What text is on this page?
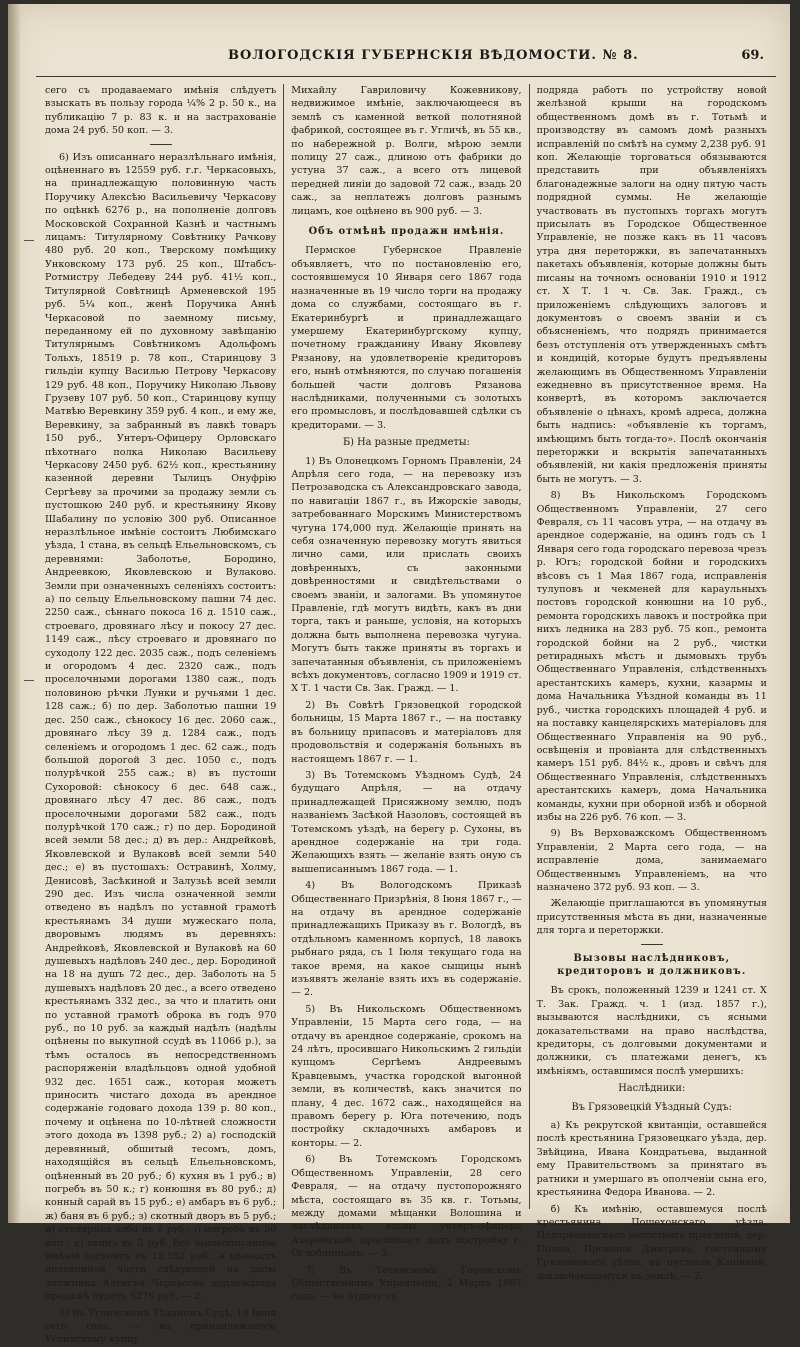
ВОЛОГОДСКІЯ ГУБЕРНСКІЯ ВѢДОМОСТИ. № 8.	69.

сего съ продаваемаго имѣнія слѣдуетъ взыскать въ пользу города ¼% 2 р. 50 к., на публикацію 7 р. 83 к. и на застрахованіе дома 24 руб. 50 коп. — 3.

6) Изъ описаннаго неразлѣльнаго имѣнія, оцѣненнаго въ 12559 руб. г.г. Черкасовыхъ, на принадлежащую половинную часть Поручику Алексѣю Васильевичу Черкасову по оцѣнкѣ 6276 р., на пополненіе долговъ Московской Сохранной Казнѣ и частнымъ лицамъ: Титулярному Совѣтнику Рачкову 480 руб. 20 коп., Тверскому помѣщику Унковскому 173 руб. 25 коп., Штабсъ-Ротмистру Лебедеву 244 руб. 41½ коп., Титулярной Совѣтницѣ Арменевской 195 руб. 5¼ коп., женѣ Поручика Аннѣ Черкасовой по заемному письму, переданному ей по духовному завѣщанію Титулярнымъ Совѣтникомъ Адольфомъ Тольхъ, 18519 р. 78 коп., Старинцову 3 гильдіи купцу Василью Петрову Черкасову 129 руб. 48 коп., Поручику Николаю Львову Грузеву 107 руб. 50 коп., Старинцову купцу Матвѣю Веревкину 359 руб. 4 коп., и ему же, Веревкину, за забранный въ лавкѣ товаръ 150 руб., Унтеръ-Офицеру Орловскаго пѣхотнаго полка Николаю Васильеву Черкасову 2450 руб. 62½ коп., крестьянину казенной деревни Тылицъ Онуфрію Сергѣеву за прочими за продажу земли съ пустошкою 240 руб. и крестьянину Якову Шабалину по условію 300 руб. Описанное неразлѣльное имѣніе состоитъ Любимскаго уѣзда, 1 стана, въ сельцѣ Ельельновскомъ, съ деревнями: Заболотье, Бородино, Андреевкою, Яковлевскою и Вулаково. Земли при означенныхъ селеніяхъ состоитъ: а) по сельцу Ельельновскому пашни 74 дес. 2250 саж., сѣннаго покоса 16 д. 1510 саж., строеваго, дровянаго лѣсу и покосу 27 дес. 1149 саж., лѣсу строеваго и дровянаго по суходолу 122 дес. 2035 саж., подъ селеніемъ и огородомъ 4 дес. 2320 саж., подъ проселочными дорогами 1380 саж., подъ половиною рѣчки Лунки и ручьями 1 дес. 128 саж.; б) по дер. Заболотью пашни 19 дес. 250 саж., сѣнокосу 16 дес. 2060 саж., дровянаго лѣсу 39 д. 1284 саж., подъ селеніемъ и огородомъ 1 дес. 62 саж., подъ большой дорогой 3 дес. 1050 с., подъ полурѣчкой 255 саж.; в) въ пустоши Сухоровой: сѣнокосу 6 дес. 648 саж., дровянаго лѣсу 47 дес. 86 саж., подъ проселочными дорогами 582 саж., подъ полурѣчкой 170 саж.; г) по дер. Бородиной всей земли 58 дес.; д) въ дер.: Андрейковѣ, Яковлевской и Вулаковѣ всей земли 540 дес.; е) въ пустошахъ: Остравинѣ, Холму, Денисовѣ, Засѣкиной и Залузьѣ всей земли 290 дес. Изъ числа означенной земли отведено въ надѣлъ по уставной грамотѣ крестьянамъ 34 души мужескаго пола, дворовымъ людямъ въ деревняхъ: Андрейковѣ, Яковлевской и Вулаковѣ на 60 душевыхъ надѣловъ 240 дес., дер. Бородиной на 18 на душъ 72 дес., дер. Заболоть на 5 душевыхъ надѣловъ 20 дес., а всего отведено крестьянамъ 332 дес., за что и платить они по уставной грамотѣ оброка въ годъ 970 руб., по 10 руб. за каждый надѣлъ (надѣлы оцѣнены по выкупной ссудѣ въ 11066 р.), за тѣмъ осталось въ непосредственномъ распоряженіи владѣльцовъ одной удобной 932 дес. 1651 саж., которая можетъ приносить чистаго дохода въ арендное содержаніе годоваго дохода 139 р. 80 коп., почему и оцѣнена по 10-лѣтней сложности этого дохода въ 1398 руб.; 2) а) господскій деревянный, обшитый тесомъ, домъ, находящійся въ сельцѣ Ельельновскомъ, оцѣненный въ 20 руб.; б) кухня въ 1 руб.; в) погребъ въ 50 к.; г) конюшня въ 80 руб.; д) конный сарай въ 15 руб.; е) амбаръ въ 6 руб.; ж) баня въ 6 руб.; з) скотный дворъ въ 5 руб.; и) столярная изба въ 1 руб.; і) погребъ въ 50 коп.; к) овинъ въ 3 руб. Все вышеописанное имѣніе состоитъ въ 12,552 руб.; а цѣнность половинной части слѣдующей на долю должника Алексѣя Черкасова подлежащая продажѣ будетъ 6276 руб. — 2.

5) Въ Угличскомъ Уѣздномъ Судѣ, 19 Іюня сего года, — на принадлежащую Угличскому купцу

Михайлу Гавриловичу Кожевникову, недвижимое имѣніе, заключающееся въ землѣ съ каменной веткой полотняной фабрикой, состоящее въ г. Угличѣ, въ 55 кв., по набережной р. Волги, мѣрою земли полицу 27 саж., длиною отъ фабрики до устуна 37 саж., а всего отъ лицевой передней линіи до задовой 72 саж., взадь 20 саж., за неплатежъ долговъ разнымъ лицамъ, кое оцѣнено въ 900 руб. — 3.

Объ отмѣнѣ продажи имѣнія.

Пермское Губернское Правленіе объявляетъ, что по постановленію его, состоявшемуся 10 Января сего 1867 года назначенные въ 19 число торги на продажу дома со службами, состоящаго въ г. Екатеринбургѣ и принадлежащаго умершему Екатеринбургскому купцу, почетному гражданину Ивану Яковлеву Рязанову, на удовлетвореніе кредиторовъ его, нынѣ отмѣняются, по случаю погашенія большей части долговъ Рязанова наслѣдниками, полученными съ золотыхъ его промысловъ, и послѣдовавшей сдѣлки съ кредиторами. — 3.

Б) На разные предметы:

1) Въ Олонецкомъ Горномъ Правленіи, 24 Апрѣля сего года, — на перевозку изъ Петрозаводска съ Александровскаго завода, по навигаціи 1867 г., въ Ижорскіе заводы, затребованнаго Морскимъ Министерствомъ чугуна 174,000 пуд. Желающіе принять на себя означенную перевозку могутъ явиться лично сами, или прислать своихъ довѣренныхъ, съ законными довѣренностями и свидѣтельствами о своемъ званіи, и залогами. Въ упомянутое Правленіе, гдѣ могутъ видѣть, какъ въ дни торга, такъ и раньше, условія, на которыхъ должна быть выполнена перевозка чугуна. Могутъ быть также приняты въ торгахъ и запечатанныя объявленія, съ приложеніемъ всѣхъ документовъ, согласно 1909 и 1919 ст. X Т. 1 части Св. Зак. Гражд. — 1.

2) Въ Совѣтѣ Грязовецкой городской больницы, 15 Марта 1867 г., — на поставку въ больницу припасовъ и матеріаловъ для продовольствія и содержанія больныхъ въ настоящемъ 1867 г. — 1.

3) Въ Тотемскомъ Уѣздномъ Судѣ, 24 будущаго Апрѣля, — на отдачу принадлежащей Присяжному землю, подъ названіемъ Засѣкой Назоловъ, состоящей въ Тотемскомъ уѣздѣ, на берегу р. Сухоны, въ арендное содержаніе на три года. Желающихъ взять — желаніе взять оную съ вышеписаннымъ 1867 года. — 1.

4) Въ Вологодскомъ Приказѣ Общественнаго Призрѣнія, 8 Іюня 1867 г., — на отдачу въ арендное содержаніе принадлежащихъ Приказу въ г. Вологдѣ, въ отдѣльномъ каменномъ корпусѣ, 18 лавокъ рыбнаго ряда, съ 1 Іюля текущаго года на такое время, на какое сыщицы нынѣ изъявятъ желаніе взять ихъ въ содержаніе. — 2.

5) Въ Никольскомъ Общественномъ Управленіи, 15 Марта сего года, — на отдачу въ арендное содержаніе, срокомъ на 24 лѣтъ, просившаго Никольскимъ 2 гильдіи купцомъ Сергѣемъ Андреевымъ Кравцевымъ, участка городской выгонной земли, въ количествѣ, какъ значится по плану, 4 дес. 1672 саж., находящейся на правомъ берегу р. Юга потечению, подъ постройку складочныхъ амбаровъ и конторы. — 2.

6) Въ Тотемскомъ Городскомъ Общественномъ Управленіи, 28 сего Февраля, — на отдачу пустопорожняго мѣста, состоящаго въ 35 кв. г. Тотьмы, между домами мѣщанки Волошина и наслѣдниковъ вдовы унтеръ-офицера Азаринской, просившаго подъ постройку г. Оглоблинымъ. — 3.

7) Въ Тотемскомъ Городскомъ Общественномъ Управленіи, 2 Марта 1867 года, — на отдачу съ

подряда работъ по устройству новой желѣзной крыши на городскомъ общественномъ домѣ въ г. Тотьмѣ и производству въ самомъ домѣ разныхъ исправленій по смѣтѣ на сумму 2,238 руб. 91 коп. Желающіе торговаться обязываются представить при объявленіяхъ благонадежные залоги на одну пятую часть подрядной суммы. Не желающіе участвовать въ пустопыхъ торгахъ могутъ присылать въ Городское Общественное Управленіе, не позже какъ въ 11 часовъ утра дня переторжки, въ запечатанныхъ пакетахъ объявленія, которые должны быть писаны на точномъ основаніи 1910 и 1912 ст. X Т. 1 ч. Св. Зак. Гражд., съ приложеніемъ слѣдующихъ залоговъ и документовъ о своемъ званіи и съ объясненіемъ, что подрядъ принимается безъ отступленія отъ утвержденныхъ смѣтъ и кондицій, которые будутъ предъявлены желающимъ въ Общественномъ Управленіи ежедневно въ присутственное время. На конвертѣ, въ которомъ заключается объявленіе о цѣнахъ, кромѣ адреса, должна быть надпись: «объявленіе къ торгамъ, имѣющимъ быть тогда-то». Послѣ окончанія переторжки и вскрытія запечатанныхъ объявленій, ни какія предложенія приняты быть не могутъ. — 3.

8) Въ Никольскомъ Городскомъ Общественномъ Управленіи, 27 сего Февраля, съ 11 часовъ утра, — на отдачу въ арендное содержаніе, на одинъ годъ съ 1 Января сего года городскаго перевоза чрезъ р. Югъ; городской бойни и городскихъ вѣсовъ съ 1 Мая 1867 года, исправленія тулуповъ и чекменей для караульныхъ постовъ городской конюшни на 10 руб., ремонта городскихъ лавокъ и постройка при нихъ ледника на 283 руб. 75 коп., ремонта городской бойни на 2 руб., чистки ретирадныхъ мѣстъ и дымовыхъ трубъ Общественнаго Управленія, слѣдственныхъ арестантскихъ камеръ, кухни, казармы и дома Начальника Уѣздной команды въ 11 руб., чистка городскихъ площадей 4 руб. и на поставку канцелярскихъ матеріаловъ для Общественнаго Управленія на 90 руб., освѣщенія и провіанта для слѣдственныхъ камеръ 151 руб. 84½ к., дровъ и свѣчъ для Общественнаго Управленія, слѣдственныхъ арестантскихъ камеръ, дома Начальника команды, кухни при оборной избѣ и оборной избы на 226 руб. 76 коп. — 3.

9) Въ Верховажскомъ Общественномъ Управленіи, 2 Марта сего года, — на исправленіе дома, занимаемаго Общественнымъ Управленіемъ, на что назначено 372 руб. 93 коп. — 3.

Желающіе приглашаются въ упомянутыя присутственныя мѣста въ дни, назначенные для торга и переторжки.

Вызовы наслѣдниковъ, кредиторовъ и должниковъ.

Въ срокъ, положенный 1239 и 1241 ст. X Т. Зак. Гражд. ч. 1 (изд. 1857 г.), вызываются наслѣдники, съ ясными доказательствами на право наслѣдства, кредиторы, съ долговыми документами и должники, съ платежами денегъ, къ имѣніямъ, оставшимся послѣ умершихъ:

Наслѣдники:
Въ Грязовецкій Уѣздный Судъ:

а) Къ рекрутской квитанціи, оставшейся послѣ крестьянина Грязовецкаго уѣзда, дер. Звѣйцина, Ивана Кондратьева, выданной ему Правительствомъ за принятаго въ ратники и умершаго въ ополченіи сына его, крестьянина Федора Иванова. — 2.

б) Къ имѣнію, оставшемуся послѣ крестьянина Пошехонскаго уѣзда, Подорвановскаго волостнаго правленія, дер. Полом, Прокопія Дмитрева, состоящему Грязовецкаго уѣзда, въ пустоши Кашиной, заключающемуся въ землѣ. — 2.
